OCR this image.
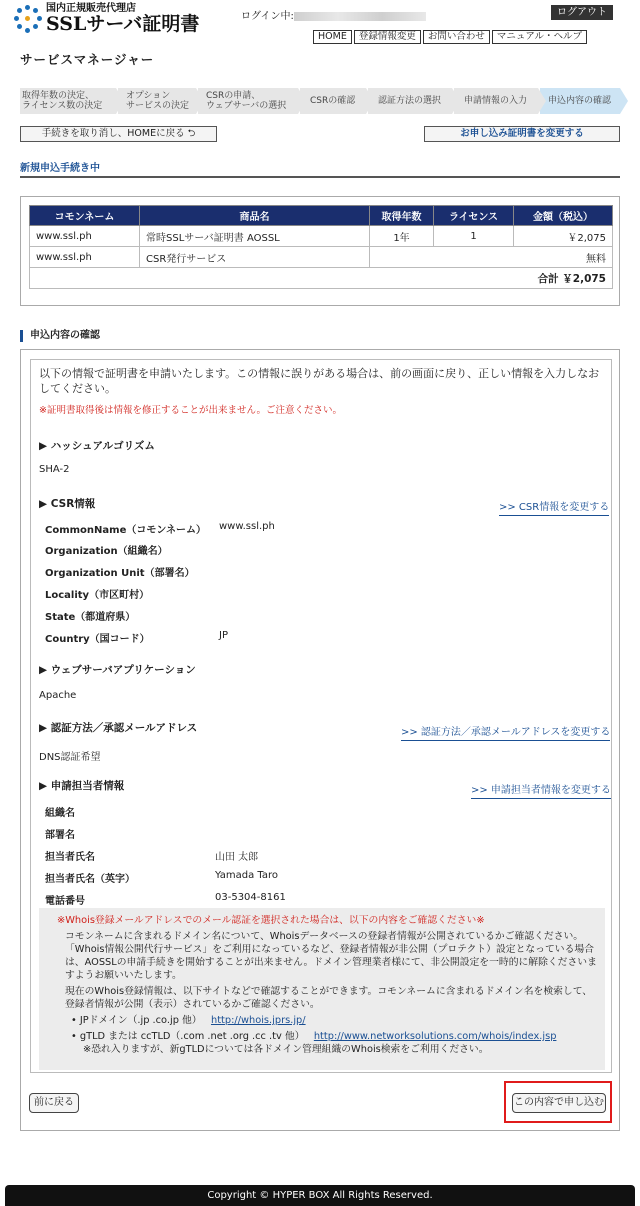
国内正規販売代理店
SSLサーバ証明書	ログイン中:	ログアウト
HOME	登録情報変更	お問い合わせ	マニュアル・ヘルプ
サービスマネージャー
取得年数の決定、
ライセンス数の決定
オプション
サービスの決定
CSRの申請、
ウェブサーバの選択	CSRの確認	認証方法の選択	申請情報の入力	申込内容の確認
手続きを取り消し、HOMEに戻る ⮌	お申し込み証明書を変更する
新規申込手続き中
コモンネーム	商品名	取得年数	ライセンス	金額（税込）
www.ssl.ph	常時SSLサーバ証明書 AOSSL	1年	1	￥2,075
www.ssl.ph	CSR発行サービス	無料		
合計 ￥2,075				
申込内容の確認
以下の情報で証明書を申請いたします。この情報に誤りがある場合は、前の画面に戻り、正しい情報を入力しなおしてください。
※証明書取得後は情報を修正することが出来ません。ご注意ください。
▶ ハッシュアルゴリズム
SHA-2
▶ CSR情報	>> CSR情報を変更する
CommonName（コモンネーム） www.ssl.ph
Organization（組織名）
Organization Unit（部署名）
Locality（市区町村）
State（都道府県）
Country（国コード）	JP
▶ ウェブサーバアプリケーション
Apache
▶ 認証方法／承認メールアドレス	>> 認証方法／承認メールアドレスを変更する
DNS認証希望
▶ 申請担当者情報	>> 申請担当者情報を変更する
組織名
部署名
担当者氏名	山田 太郎
担当者氏名（英字）	Yamada Taro
電話番号	03-5304-8161

※Whois登録メールアドレスでのメール認証を選択された場合は、以下の内容をご確認ください※

コモンネームに含まれるドメイン名について、Whoisデータベースの登録者情報が公開されているかご確認ください。「Whois情報公開代行サービス」をご利用になっているなど、登録者情報が非公開（プロテクト）設定となっている場合は、AOSSLの申請手続きを開始することが出来ません。ドメイン管理業者様にて、非公開設定を一時的に解除くださいますようお願いいたします。

現在のWhois登録情報は、以下サイトなどで確認することができます。コモンネームに含まれるドメイン名を検索して、登録者情報が公開（表示）されているかご確認ください。

• JPドメイン（.jp .co.jp 他） http://whois.jprs.jp/

• gTLD または ccTLD（.com .net .org .cc .tv 他） http://www.networksolutions.com/whois/index.jsp

※恐れ入りますが、新gTLDについては各ドメイン管理組織のWhois検索をご利用ください。

前に戻る	この内容で申し込む
Copyright © HYPER BOX All Rights Reserved.
